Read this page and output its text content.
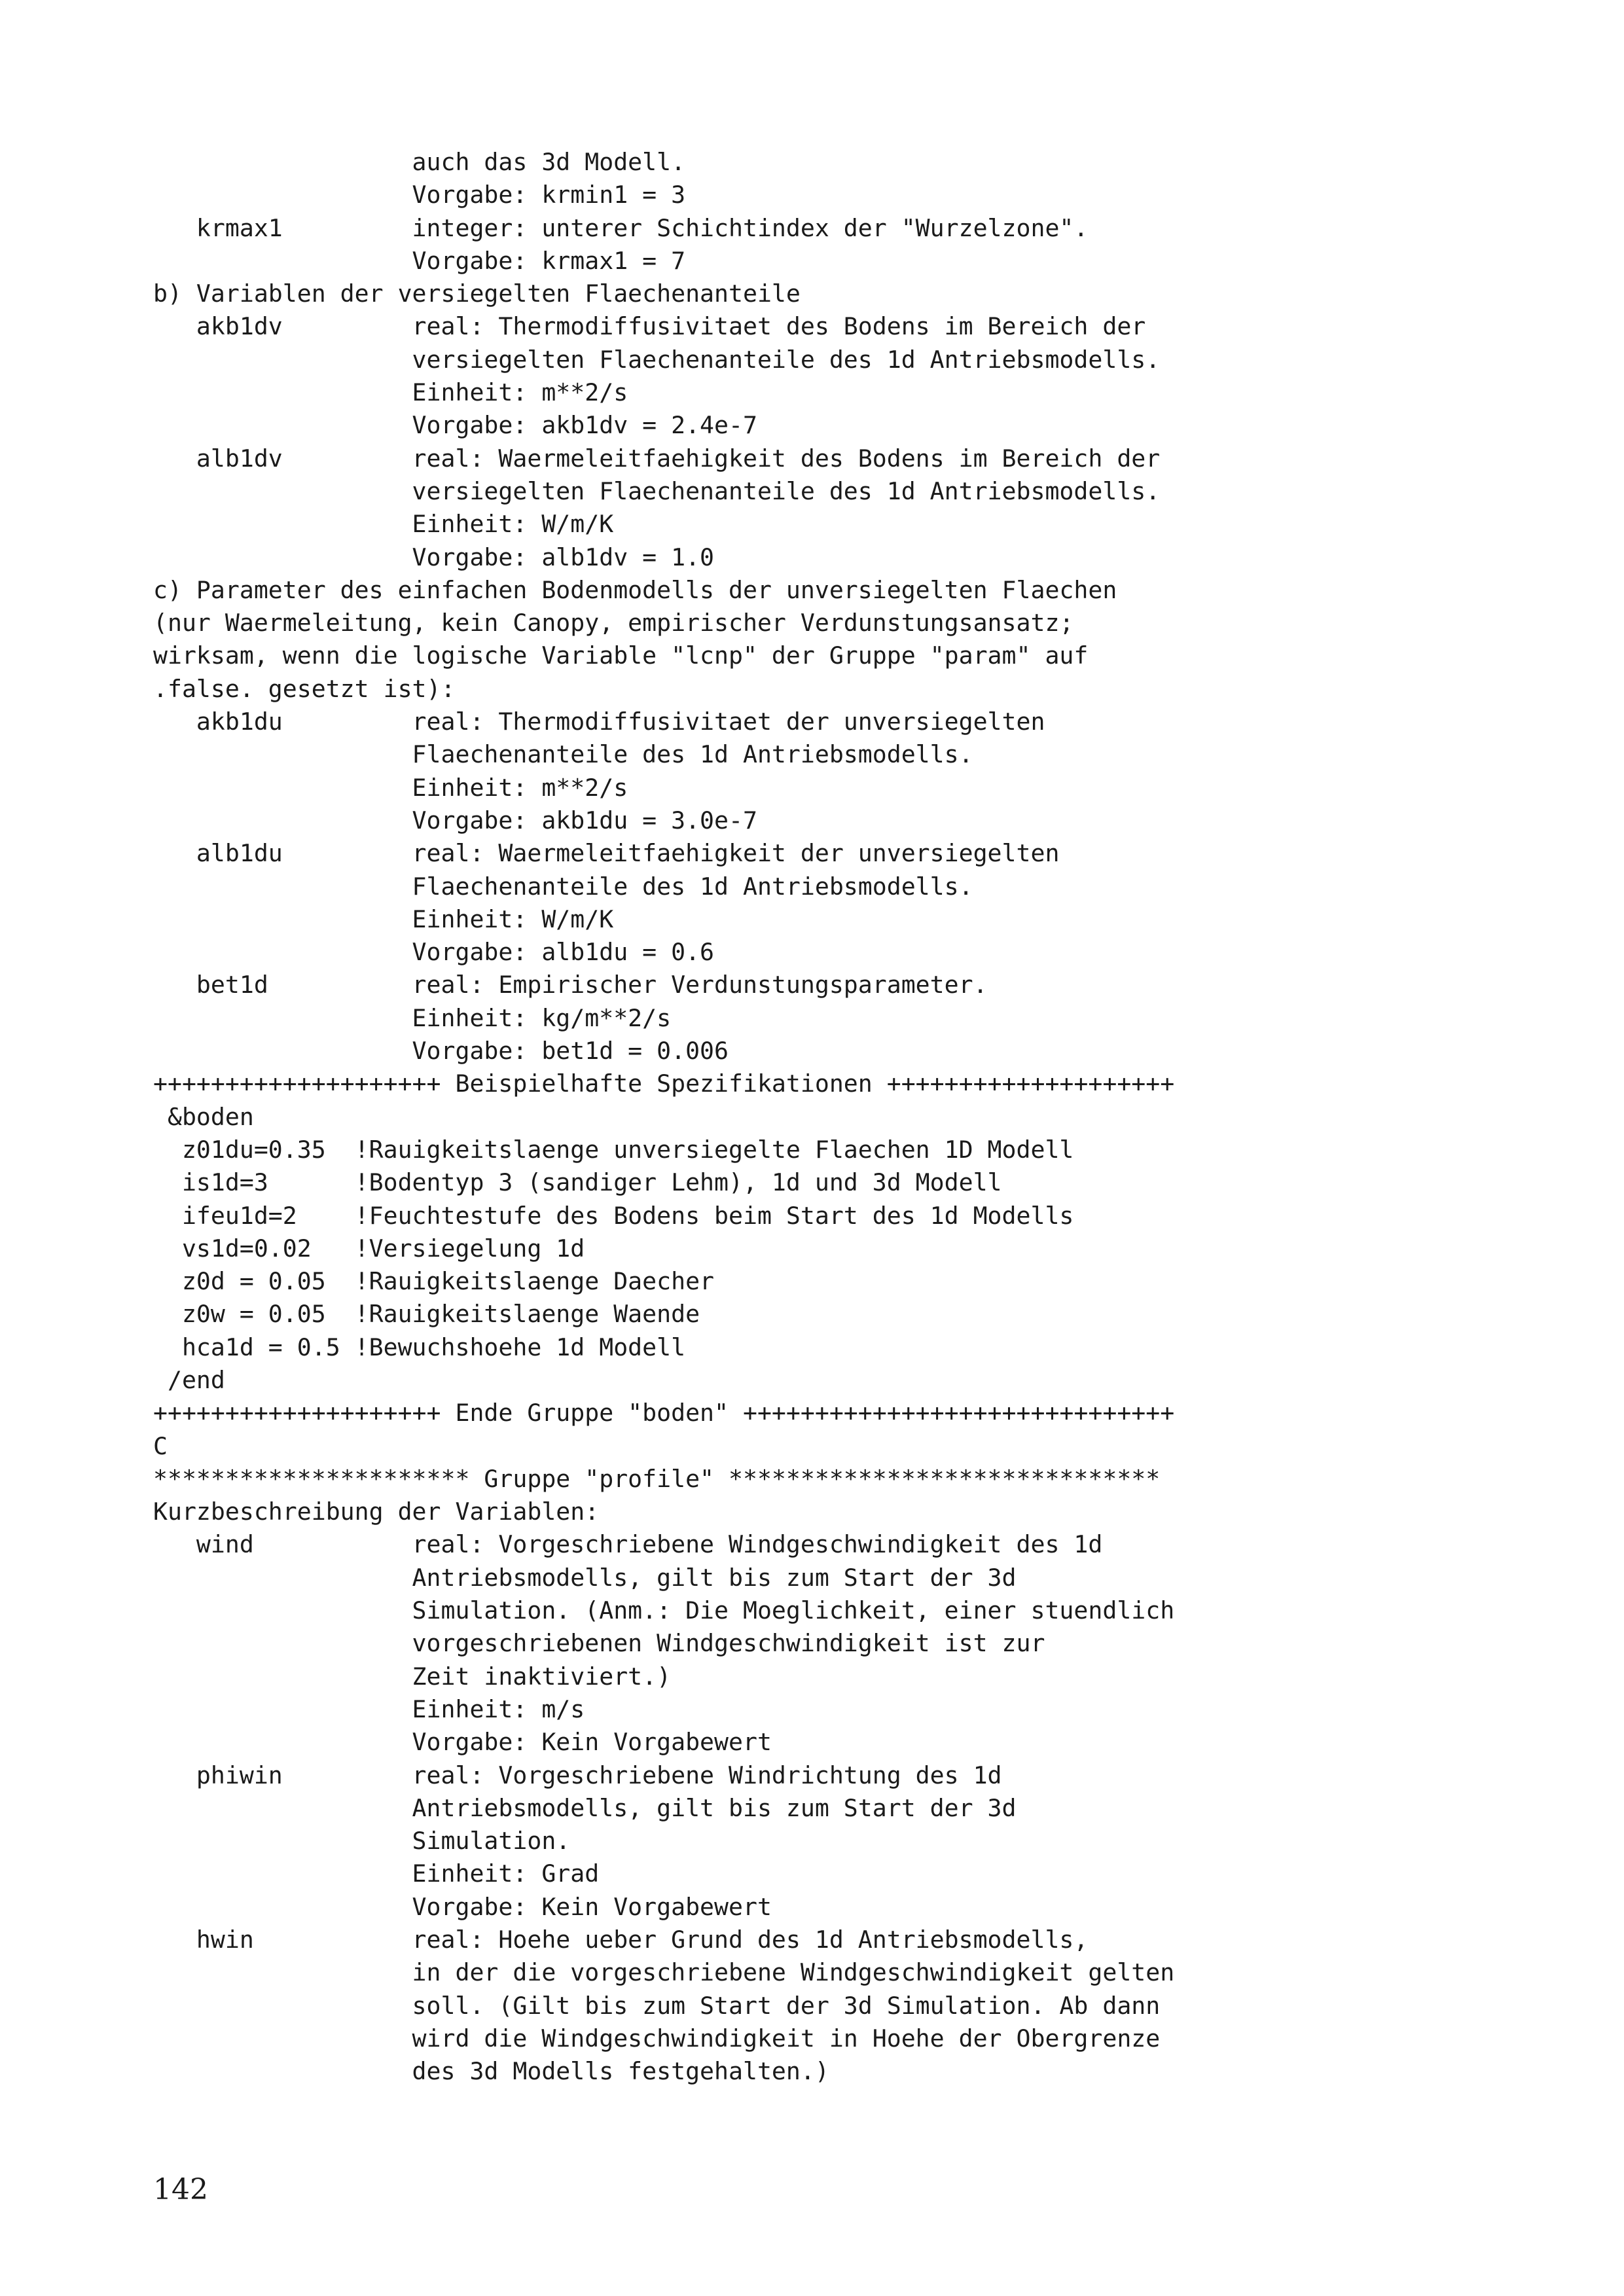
auch das 3d Modell.
Vorgabe: krmin1 = 3
krmax1         integer: unterer Schichtindex der "Wurzelzone".
Vorgabe: krmax1 = 7
b) Variablen der versiegelten Flaechenanteile
akb1dv         real: Thermodiffusivitaet des Bodens im Bereich der
versiegelten Flaechenanteile des 1d Antriebsmodells.
Einheit: m**2/s
Vorgabe: akb1dv = 2.4e-7
alb1dv         real: Waermeleitfaehigkeit des Bodens im Bereich der
versiegelten Flaechenanteile des 1d Antriebsmodells.
Einheit: W/m/K
Vorgabe: alb1dv = 1.0
c) Parameter des einfachen Bodenmodells der unversiegelten Flaechen
(nur Waermeleitung, kein Canopy, empirischer Verdunstungsansatz;
wirksam, wenn die logische Variable "lcnp" der Gruppe "param" auf
.false. gesetzt ist):
akb1du         real: Thermodiffusivitaet der unversiegelten
Flaechenanteile des 1d Antriebsmodells.
Einheit: m**2/s
Vorgabe: akb1du = 3.0e-7
alb1du         real: Waermeleitfaehigkeit der unversiegelten
Flaechenanteile des 1d Antriebsmodells.
Einheit: W/m/K
Vorgabe: alb1du = 0.6
bet1d          real: Empirischer Verdunstungsparameter.
Einheit: kg/m**2/s
Vorgabe: bet1d = 0.006
++++++++++++++++++++ Beispielhafte Spezifikationen ++++++++++++++++++++
&boden
z01du=0.35  !Rauigkeitslaenge unversiegelte Flaechen 1D Modell
is1d=3      !Bodentyp 3 (sandiger Lehm), 1d und 3d Modell
ifeu1d=2    !Feuchtestufe des Bodens beim Start des 1d Modells
vs1d=0.02   !Versiegelung 1d
z0d = 0.05  !Rauigkeitslaenge Daecher
z0w = 0.05  !Rauigkeitslaenge Waende
hca1d = 0.5 !Bewuchshoehe 1d Modell
/end
++++++++++++++++++++ Ende Gruppe "boden" ++++++++++++++++++++++++++++++
C
********************** Gruppe "profile" ******************************
Kurzbeschreibung der Variablen:
wind           real: Vorgeschriebene Windgeschwindigkeit des 1d
Antriebsmodells, gilt bis zum Start der 3d
Simulation. (Anm.: Die Moeglichkeit, einer stuendlich
vorgeschriebenen Windgeschwindigkeit ist zur
Zeit inaktiviert.)
Einheit: m/s
Vorgabe: Kein Vorgabewert
phiwin         real: Vorgeschriebene Windrichtung des 1d
Antriebsmodells, gilt bis zum Start der 3d
Simulation.
Einheit: Grad
Vorgabe: Kein Vorgabewert
hwin           real: Hoehe ueber Grund des 1d Antriebsmodells,
in der die vorgeschriebene Windgeschwindigkeit gelten
soll. (Gilt bis zum Start der 3d Simulation. Ab dann
wird die Windgeschwindigkeit in Hoehe der Obergrenze
des 3d Modells festgehalten.)
142
